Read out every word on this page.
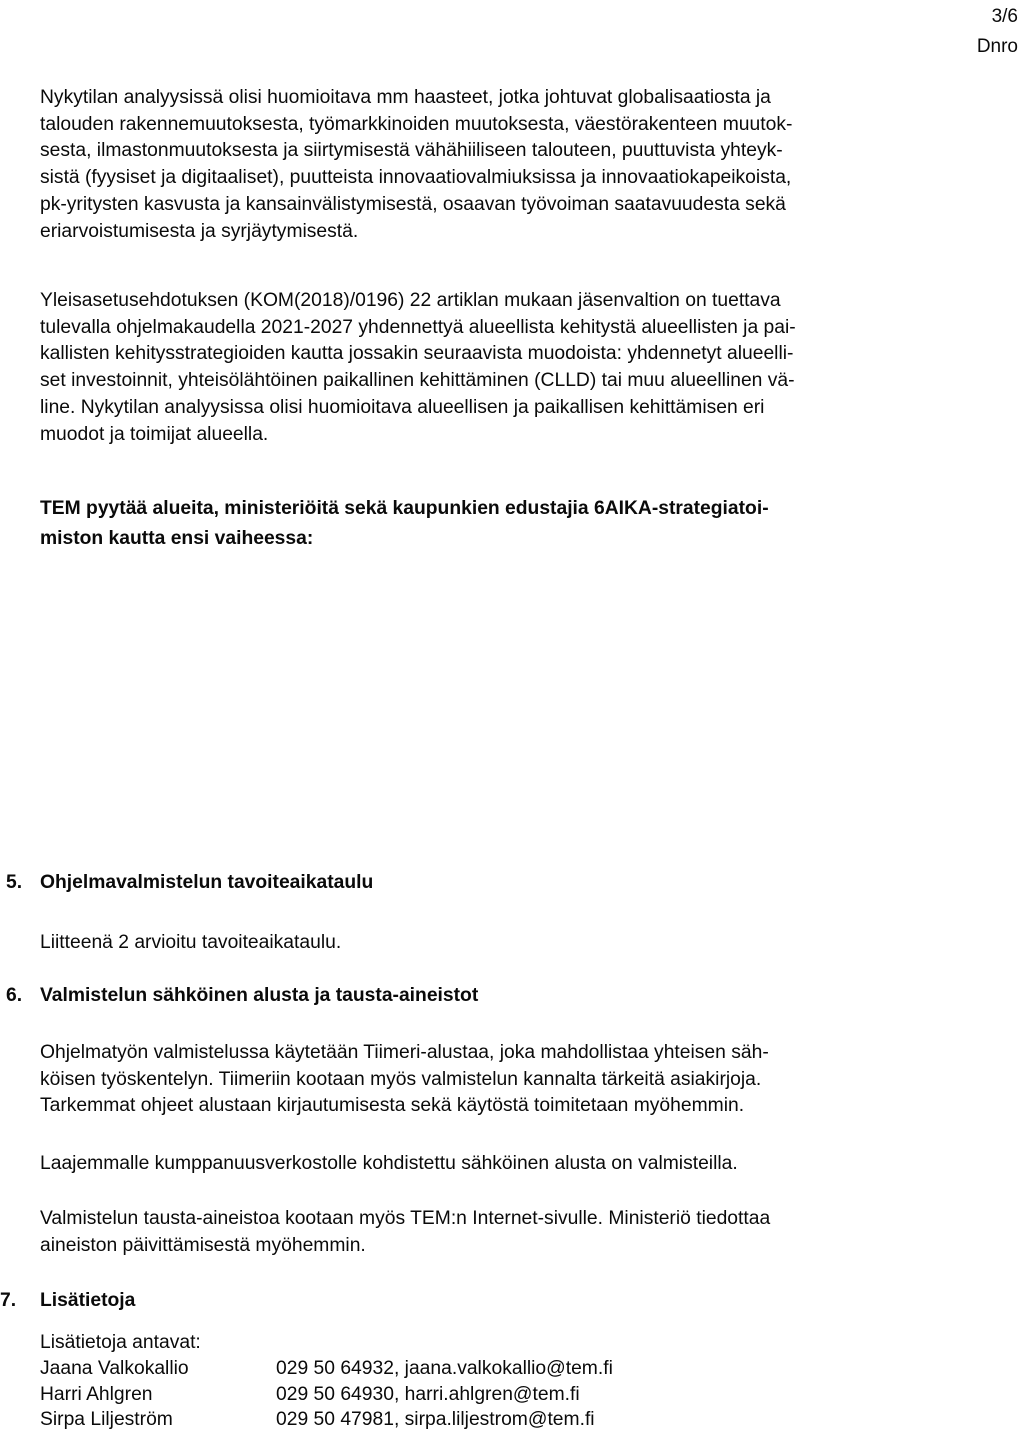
3/6
Dnro
Nykytilan analyysissä olisi huomioitava mm haasteet, jotka johtuvat globalisaatiosta ja
talouden rakennemuutoksesta, työmarkkinoiden muutoksesta, väestörakenteen muutok-
sesta, ilmastonmuutoksesta ja siirtymisestä vähähiiliseen talouteen, puuttuvista yhteyk-
sistä (fyysiset ja digitaaliset), puutteista innovaatiovalmiuksissa ja innovaatiokapeikoista,
pk-yritysten kasvusta ja kansainvälistymisestä, osaavan työvoiman saatavuudesta sekä
eriarvoistumisesta ja syrjäytymisestä.
Yleisasetusehdotuksen (KOM(2018)/0196) 22 artiklan mukaan jäsenvaltion on tuettava
tulevalla ohjelmakaudella 2021-2027 yhdennettyä alueellista kehitystä alueellisten ja pai-
kallisten kehitysstrategioiden kautta jossakin seuraavista muodoista: yhdennetyt alueelli-
set investoinnit, yhteisölähtöinen paikallinen kehittäminen (CLLD) tai muu alueellinen vä-
line. Nykytilan analyysissa olisi huomioitava alueellisen ja paikallisen kehittämisen eri
muodot ja toimijat alueella.
TEM pyytää alueita, ministeriöitä sekä kaupunkien edustajia 6AIKA-strategiatoi-
miston kautta ensi vaiheessa:
5. Ohjelmavalmistelun tavoiteaikataulu
Liitteenä 2 arvioitu tavoiteaikataulu.
6. Valmistelun sähköinen alusta ja tausta-aineistot
Ohjelmatyön valmistelussa käytetään Tiimeri-alustaa, joka mahdollistaa yhteisen säh-
köisen työskentelyn. Tiimeriin kootaan myös valmistelun kannalta tärkeitä asiakirjoja.
Tarkemmat ohjeet alustaan kirjautumisesta sekä käytöstä toimitetaan myöhemmin.
Laajemmalle kumppanuusverkostolle kohdistettu sähköinen alusta on valmisteilla.
Valmistelun tausta-aineistoa kootaan myös TEM:n Internet-sivulle. Ministeriö tiedottaa
aineiston päivittämisestä myöhemmin.
7. Lisätietoja
Lisätietoja antavat:
Jaana Valkokallio	029 50 64932, jaana.valkokallio@tem.fi
Harri Ahlgren	029 50 64930, harri.ahlgren@tem.fi
Sirpa Liljeström	029 50 47981, sirpa.liljestrom@tem.fi
